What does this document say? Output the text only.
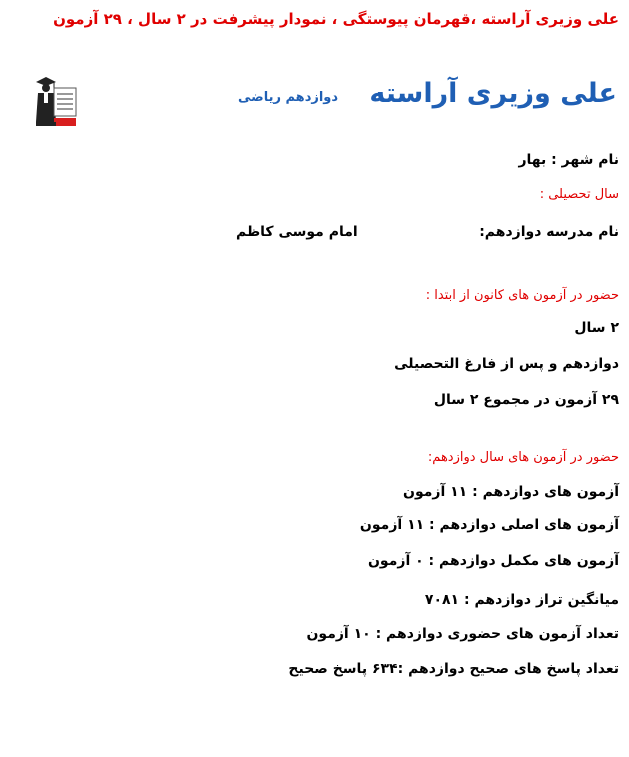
علی وزیری آراسته ،قهرمان پیوستگی ، نمودار پیشرفت در ۲ سال ، ۲۹ آزمون
علی وزیری آراسته
دوازدهم ریاضی
نام شهر : بهار
سال تحصیلی :
نام مدرسه دوازدهم:
امام موسی کاظم
حضور در آزمون های کانون از ابتدا :
۲ سال
دوازدهم و پس از فارغ التحصیلی
۲۹ آزمون در مجموع ۲ سال
حضور در آزمون های سال دوازدهم:
آزمون های دوازدهم : ۱۱ آزمون
آزمون های اصلی دوازدهم : ۱۱ آزمون
آزمون های مکمل دوازدهم : ۰ آزمون
میانگین تراز دوازدهم : ۷۰۸۱
تعداد آزمون های حضوری دوازدهم : ۱۰ آزمون
تعداد پاسخ های صحیح دوازدهم :۶۳۴ پاسخ صحیح
